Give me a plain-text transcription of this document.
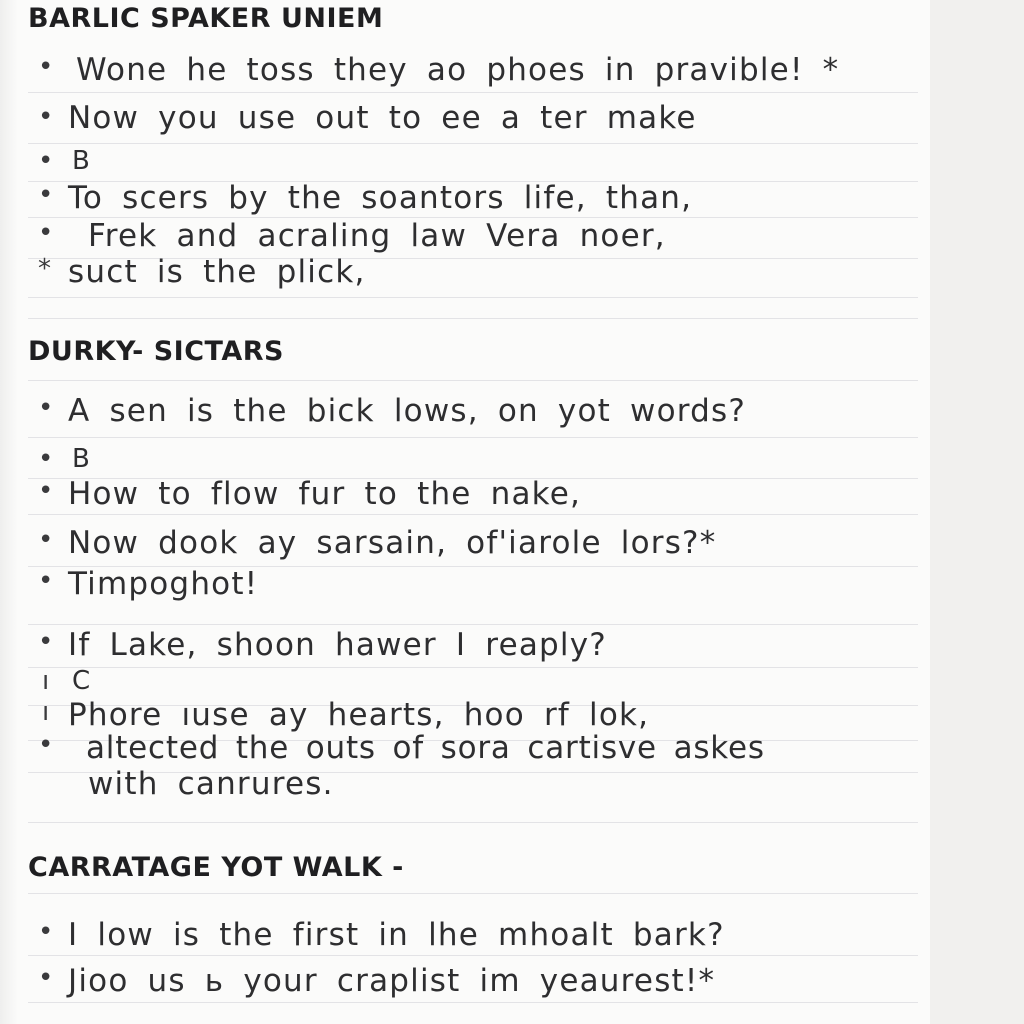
BARLIC SPAKER UNIEM
• Wone he toss they ao phoes in pravible! *
• Now you use out to ee a ter make
• B
• To scers by the soantors life, than,
• Frek and acraling law Vera noer,
* suct is the plick,
DURKY- SICTARS
• A sen is the bick lows, on yot words?
• B
• How to flow fur to the nake,
• Now dook ay sarsain, of'iarole lors?*
• Timpoghot!
• If Lake, shoon hawer I reaply?
ı C
ı Phore ıuse ay hearts, hoo rf lok,
• altected the outs of sora cartisve askes
with canrures.
CARRATAGE YOT WALK -
• I low is the first in lhe mhoalt bark?
• Jioo us ь your craplist im yeaurest!*
